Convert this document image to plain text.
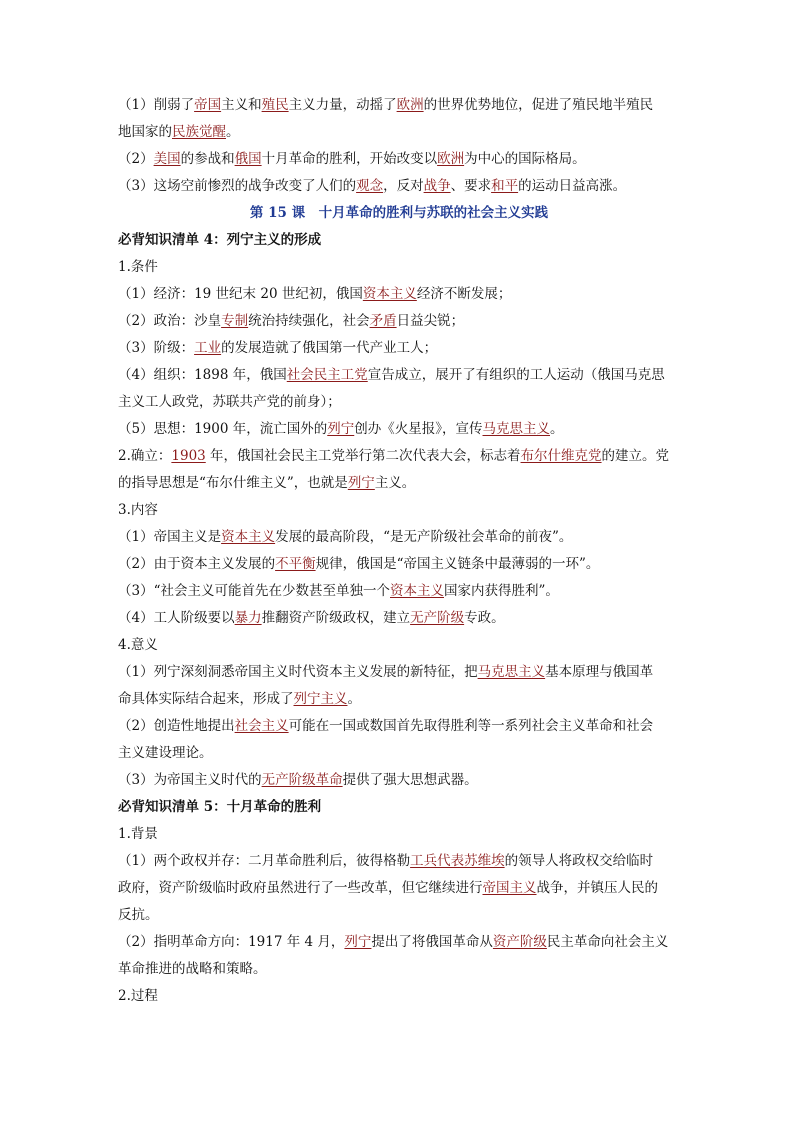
（1）削弱了帝国主义和殖民主义力量，动摇了欧洲的世界优势地位，促进了殖民地半殖民
地国家的民族觉醒。
（2）美国的参战和俄国十月革命的胜利，开始改变以欧洲为中心的国际格局。
（3）这场空前惨烈的战争改变了人们的观念，反对战争、要求和平的运动日益高涨。
第 15 课　十月革命的胜利与苏联的社会主义实践
必背知识清单 4：列宁主义的形成
1.条件
（1）经济：19 世纪末 20 世纪初，俄国资本主义经济不断发展；
（2）政治：沙皇专制统治持续强化，社会矛盾日益尖锐；
（3）阶级：工业的发展造就了俄国第一代产业工人；
（4）组织：1898 年，俄国社会民主工党宣告成立，展开了有组织的工人运动（俄国马克思
主义工人政党，苏联共产党的前身）；
（5）思想：1900 年，流亡国外的列宁创办《火星报》，宣传马克思主义。
2.确立：1903 年，俄国社会民主工党举行第二次代表大会，标志着布尔什维克党的建立。党
的指导思想是“布尔什维主义”，也就是列宁主义。
3.内容
（1）帝国主义是资本主义发展的最高阶段，“是无产阶级社会革命的前夜”。
（2）由于资本主义发展的不平衡规律，俄国是“帝国主义链条中最薄弱的一环”。
（3）“社会主义可能首先在少数甚至单独一个资本主义国家内获得胜利”。
（4）工人阶级要以暴力推翻资产阶级政权，建立无产阶级专政。
4.意义
（1）列宁深刻洞悉帝国主义时代资本主义发展的新特征，把马克思主义基本原理与俄国革
命具体实际结合起来，形成了列宁主义。
（2）创造性地提出社会主义可能在一国或数国首先取得胜利等一系列社会主义革命和社会
主义建设理论。
（3）为帝国主义时代的无产阶级革命提供了强大思想武器。
必背知识清单 5：十月革命的胜利
1.背景
（1）两个政权并存：二月革命胜利后，彼得格勒工兵代表苏维埃的领导人将政权交给临时
政府，资产阶级临时政府虽然进行了一些改革，但它继续进行帝国主义战争，并镇压人民的
反抗。
（2）指明革命方向：1917 年 4 月，列宁提出了将俄国革命从资产阶级民主革命向社会主义
革命推进的战略和策略。
2.过程
